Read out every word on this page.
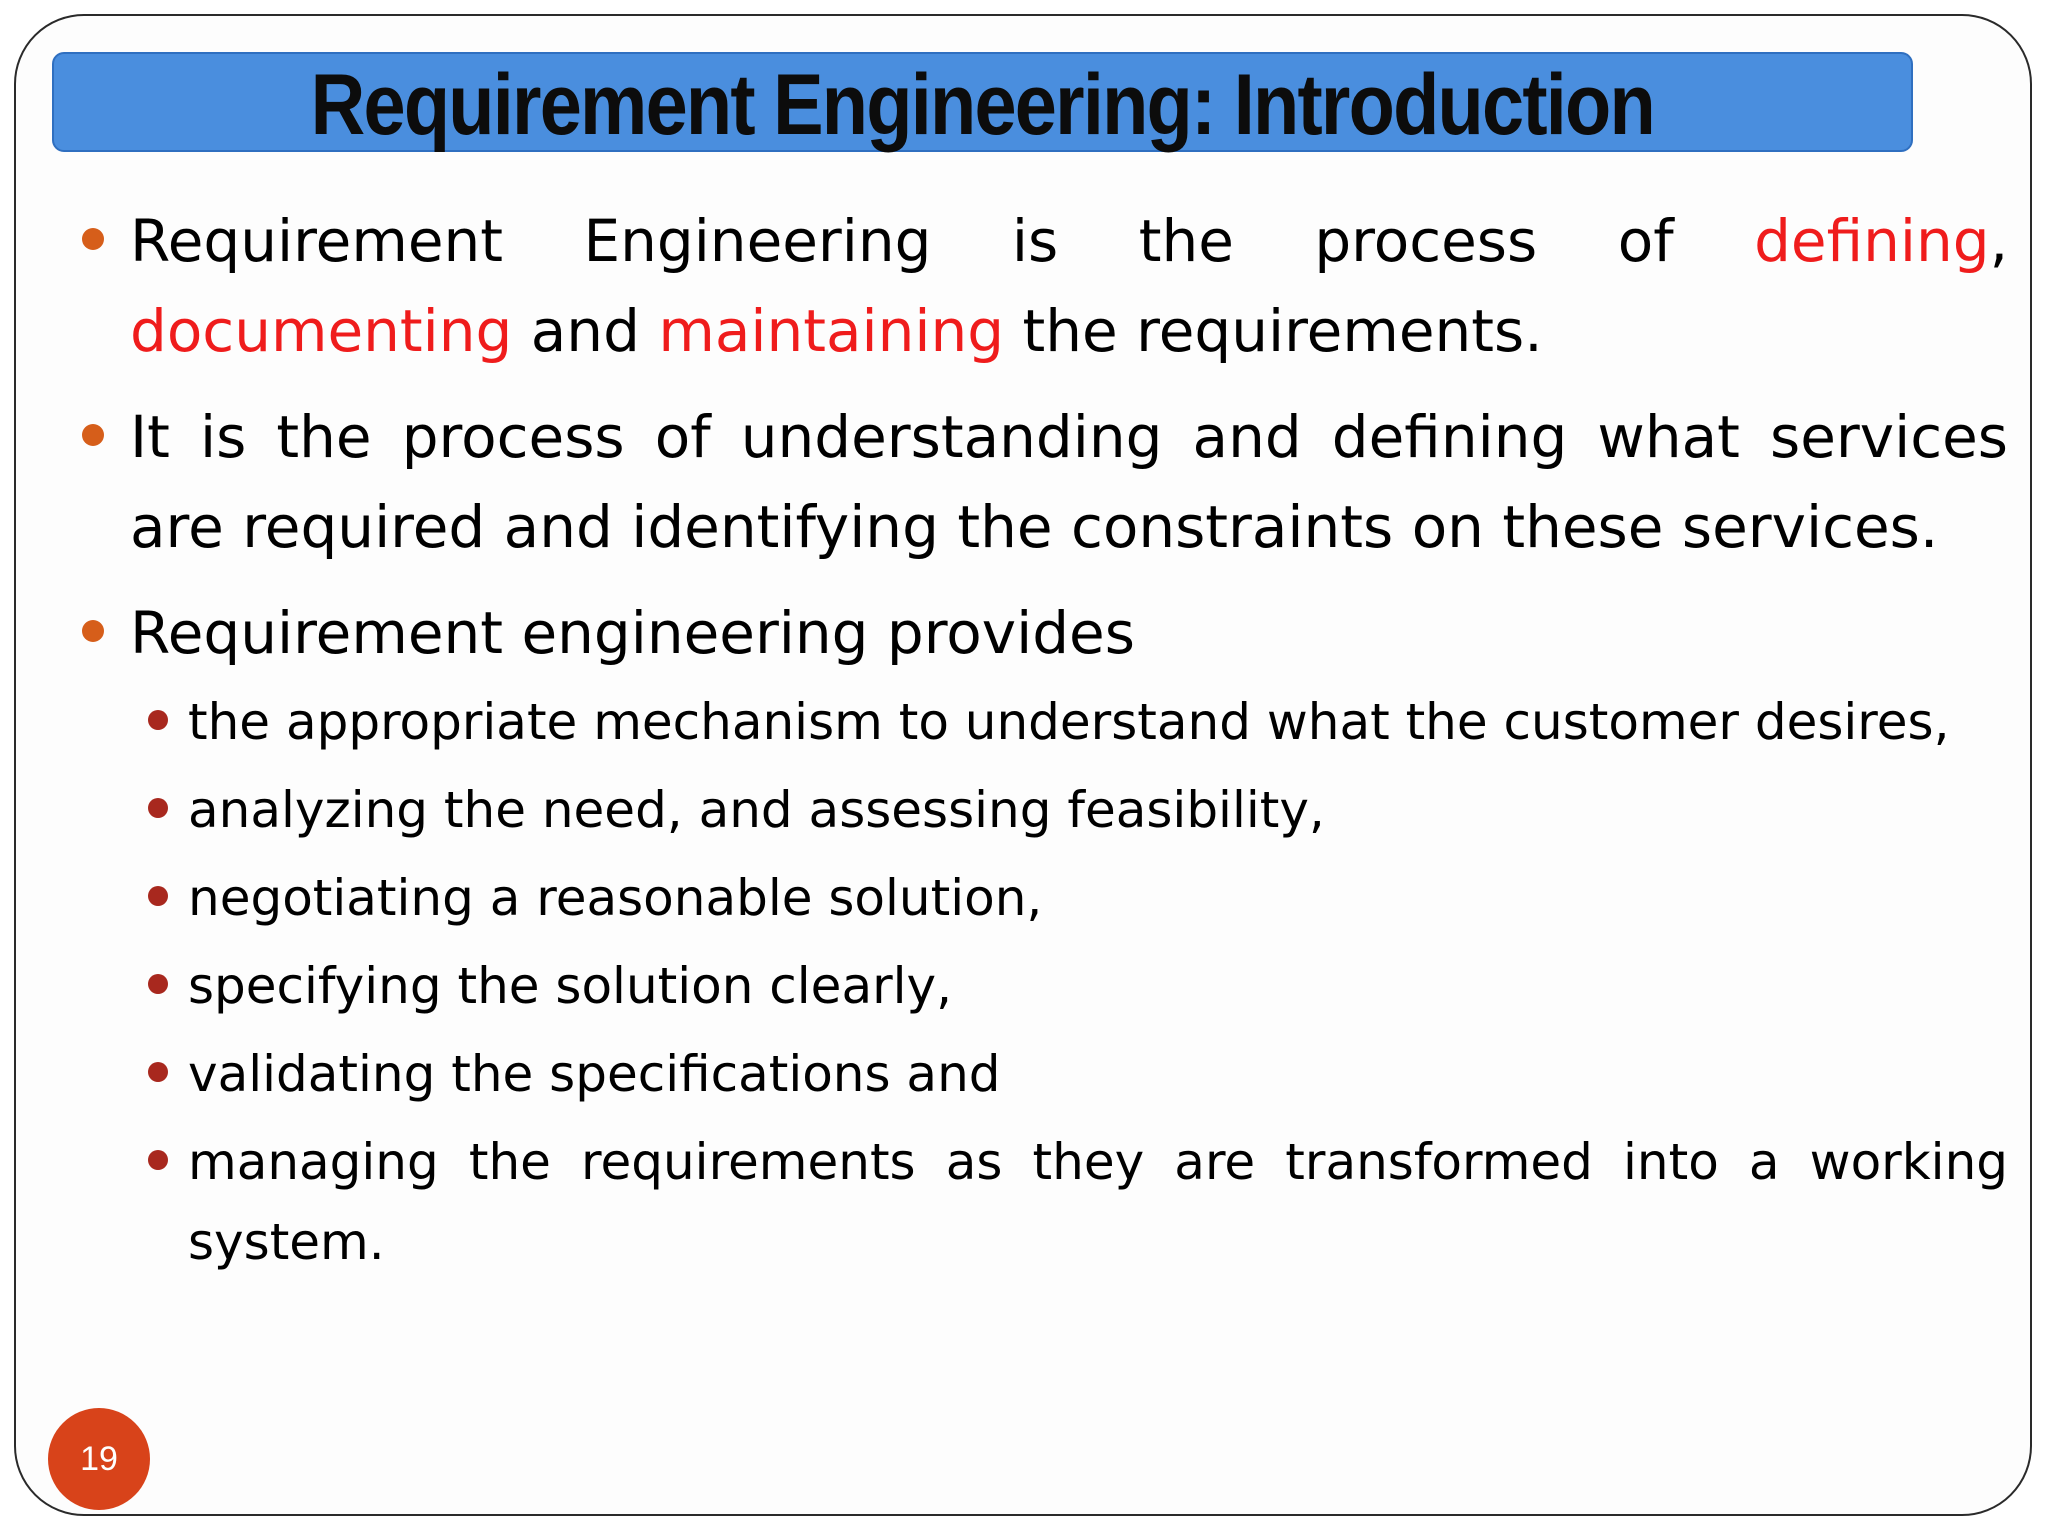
Requirement Engineering: Introduction
Requirement Engineering is the process of defining, documenting and maintaining the requirements.
It is the process of understanding and defining what services are required and identifying the constraints on these services.
Requirement engineering provides
the appropriate mechanism to understand what the customer desires,
analyzing the need, and assessing feasibility,
negotiating a reasonable solution,
specifying the solution clearly,
validating the specifications and
managing the requirements as they are transformed into a working system.
19
